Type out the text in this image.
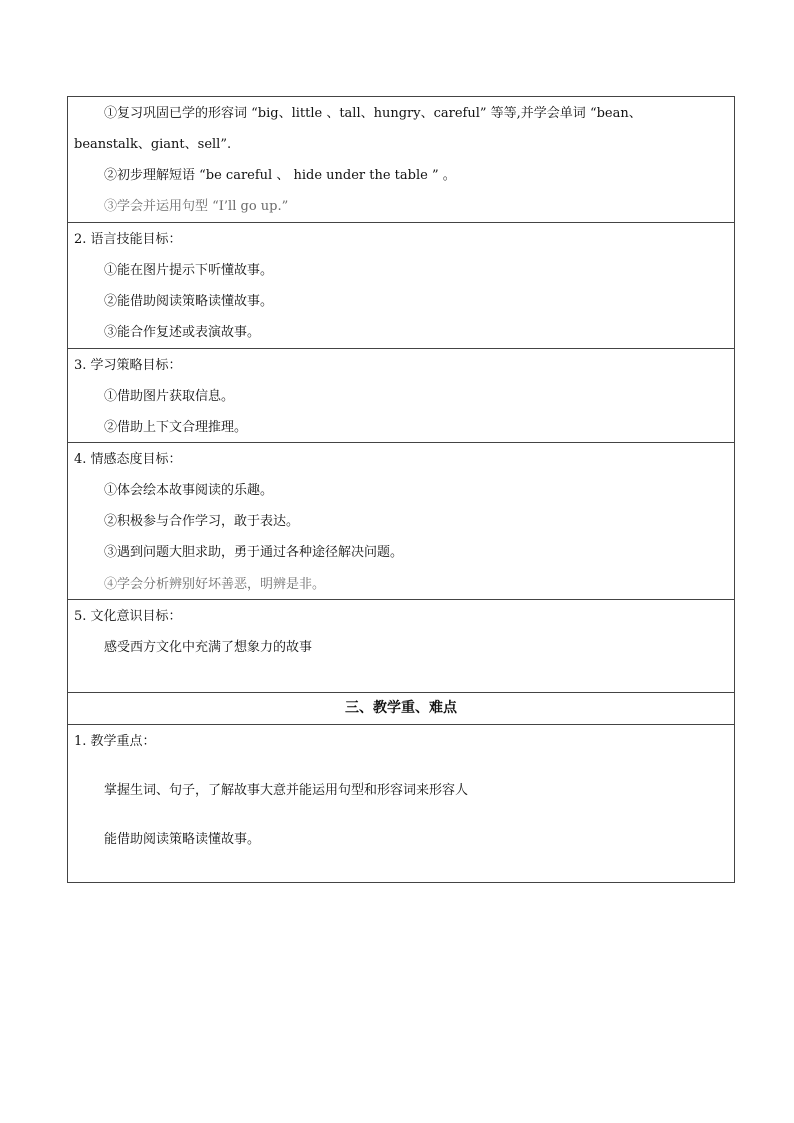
①复习巩固已学的形容词 “big、little 、tall、hungry、careful” 等等,并学会单词 “bean、
beanstalk、giant、sell”.
②初步理解短语 “be careful 、 hide under the table ” 。
③学会并运用句型 “I’ll go up.”
2. 语言技能目标：
①能在图片提示下听懂故事。
②能借助阅读策略读懂故事。
③能合作复述或表演故事。
3. 学习策略目标：
①借助图片获取信息。
②借助上下文合理推理。
4. 情感态度目标：
①体会绘本故事阅读的乐趣。
②积极参与合作学习，敢于表达。
③遇到问题大胆求助，勇于通过各种途径解决问题。
④学会分析辨别好坏善恶，明辨是非。
5. 文化意识目标：
感受西方文化中充满了想象力的故事
三、教学重、难点
1. 教学重点：
掌握生词、句子，了解故事大意并能运用句型和形容词来形容人
能借助阅读策略读懂故事。
